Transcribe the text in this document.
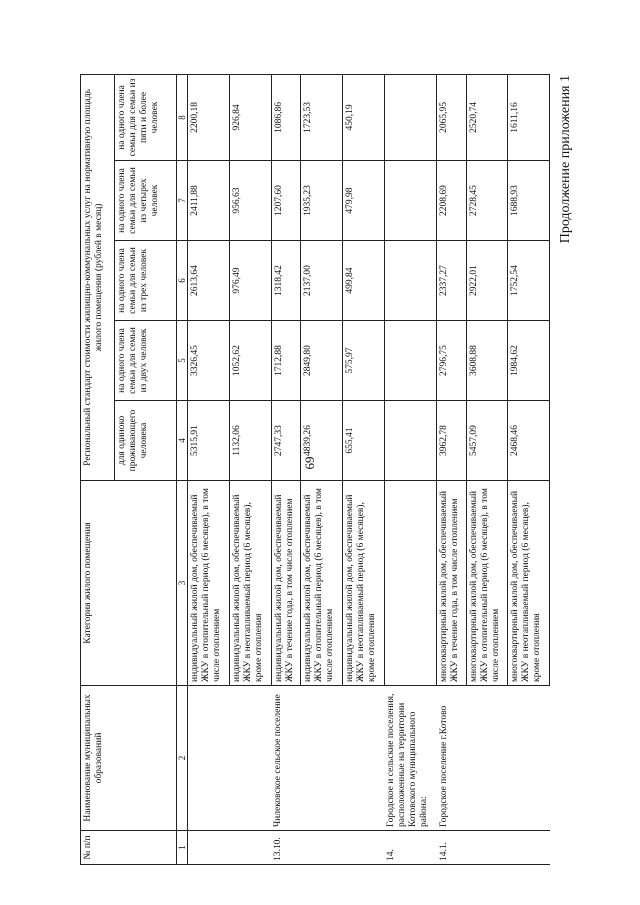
69
Продолжение приложения 1
№ п/п	Наименование муниципальных образований	Категория жилого помещения	Региональный стандарт стоимости жилищно-коммунальных услуг на нормативную площадь жилого помещения (рублей в месяц)				
			для одиноко проживающего человека	на одного члена семьи для семьи из двух человек	на одного члена семьи для семьи из трех человек	на одного члена семьи для семьи из четырех человек	на одного члена семьи для семьи из пяти и более человек
1	2	3	4	5	6	7	8
		индивидуальный жилой дом, обеспечиваемый ЖКУ в отопительный период (6 месяцев), в том числе отоплением	5315,91	3326,45	2613,64	2411,88	2200,18
		индивидуальный жилой дом, обеспечиваемый ЖКУ в неотапливаемый период (6 месяцев), кроме отопления	1132,06	1052,62	976,49	956,63	926,84
13.10.	Чилековское сельское поселение	индивидуальный жилой дом, обеспечиваемый ЖКУ в течение года, в том числе отоплением	2747,33	1712,88	1318,42	1207,60	1086,86
		индивидуальный жилой дом, обеспечиваемый ЖКУ в отопительный период (6 месяцев), в том числе отоплением	4839,26	2849,80	2137,00	1935,23	1723,53
		индивидуальный жилой дом, обеспечиваемый ЖКУ в неотапливаемый период (6 месяцев), кроме отопления	655,41	575,97	499,84	479,98	450,19
14.	Городское и сельские поселения, расположенные на территории Котовского муниципального района:						
14.1.	Городское поселение г.Котово	многоквартирный жилой дом, обеспечиваемый ЖКУ в течение года, в том числе отоплением	3962,78	2796,75	2337,27	2208,69	2065,95
		многоквартирный жилой дом, обеспечиваемый ЖКУ в отопительный период (6 месяцев), в том числе отоплением	5457,09	3608,88	2922,01	2728,45	2520,74
		многоквартирный жилой дом, обеспечиваемый ЖКУ в неотапливаемый период (6 месяцев), кроме отопления	2468,46	1984,62	1752,54	1688,93	1611,16
